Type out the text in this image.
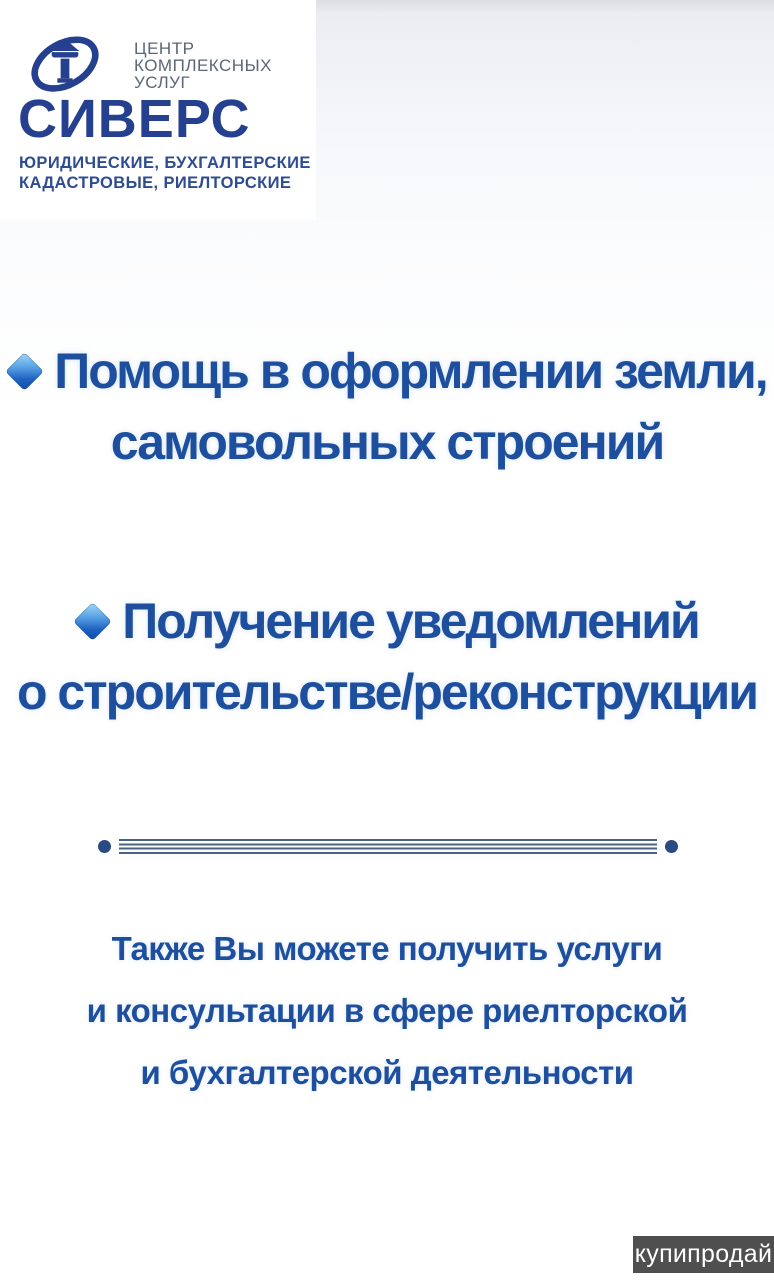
ЦЕНТР
КОМПЛЕКСНЫХ
УСЛУГ
СИВЕРС
ЮРИДИЧЕСКИЕ, БУХГАЛТЕРСКИЕ
КАДАСТРОВЫЕ, РИЕЛТОРСКИЕ
Помощь в оформлении земли,
самовольных строений
Получение уведомлений
о строительстве/реконструкции
Также Вы можете получить услуги
и консультации в сфере риелторской
и бухгалтерской деятельности
купипродай
